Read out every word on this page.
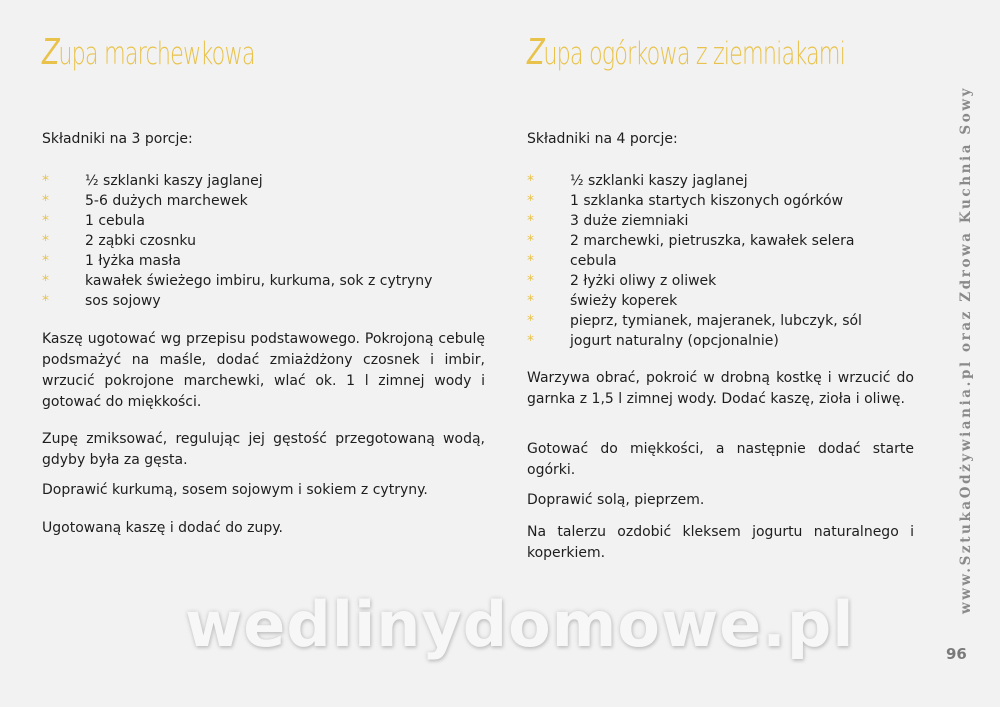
Zupa marchewkowa
Składniki na 3 porcje:
*	½ szklanki kaszy jaglanej
*	5-6 dużych marchewek
*	1 cebula
*	2 ząbki czosnku
*	1 łyżka masła
*	kawałek świeżego imbiru, kurkuma, sok z cytryny
*	sos sojowy

Kaszę ugotować wg przepisu podstawowego. Pokrojoną cebulę podsmażyć na maśle, dodać zmiażdżony czosnek i imbir, wrzucić pokrojone marchewki, wlać ok. 1 l zimnej wody i gotować do miękkości.

Zupę zmiksować, regulując jej gęstość przegotowaną wodą, gdyby była za gęsta.

Doprawić kurkumą, sosem sojowym i sokiem z cytryny.

Ugotowaną kaszę i dodać do zupy.

Zupa ogórkowa z ziemniakami
Składniki na 4 porcje:
*	½ szklanki kaszy jaglanej
*	1 szklanka startych kiszonych ogórków
*	3 duże ziemniaki
*	2 marchewki, pietruszka, kawałek selera
*	cebula
*	2 łyżki oliwy z oliwek
*	świeży koperek
*	pieprz, tymianek, majeranek, lubczyk, sól
*	jogurt naturalny (opcjonalnie)

Warzywa obrać, pokroić w drobną kostkę i wrzucić do garnka z 1,5 l zimnej wody. Dodać kaszę, zioła i oliwę.

Gotować do miękkości, a następnie dodać starte ogórki.

Doprawić solą, pieprzem.

Na talerzu ozdobić kleksem jogurtu naturalnego i koperkiem.

wedlinydomowe.pl
www.SztukaOdżywiania.pl oraz Zdrowa Kuchnia Sowy
96
